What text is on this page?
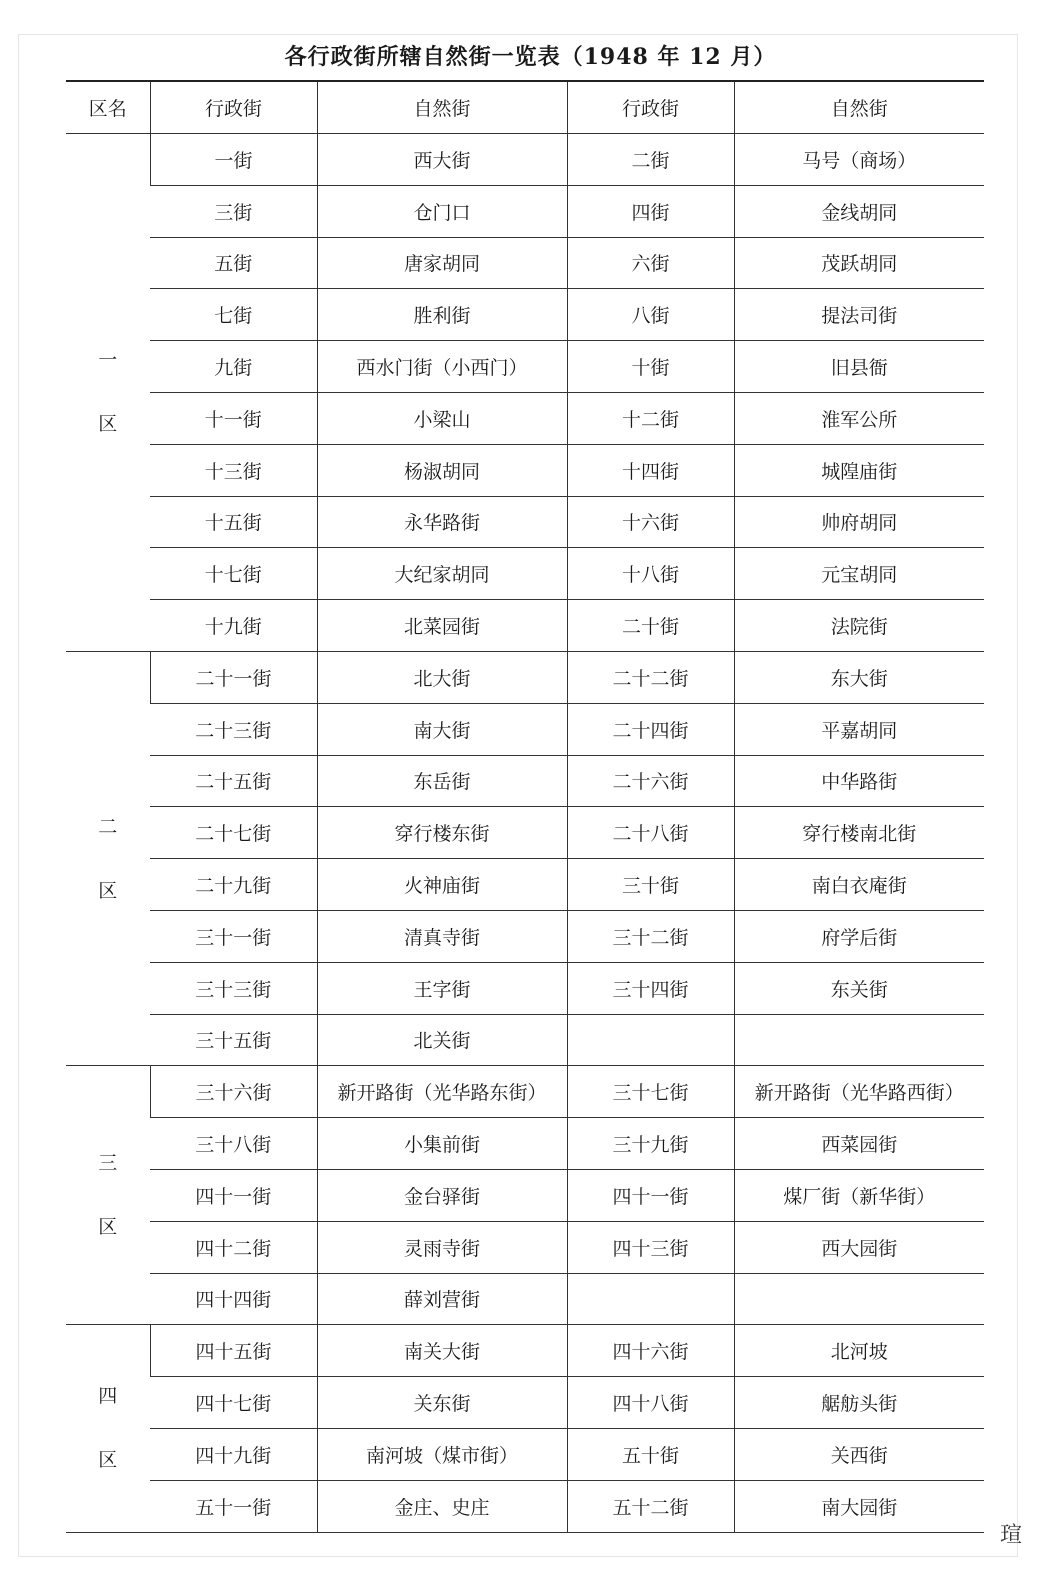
各行政街所辖自然街一览表（1948 年 12 月）
区名	行政街	自然街	行政街	自然街

一
区	一街	西大街	二街	马号（商场）
	三街	仓门口	四街	金线胡同
	五街	唐家胡同	六街	茂跃胡同
	七街	胜利街	八街	提法司街
	九街	西水门街（小西门）	十街	旧县衙
	十一街	小梁山	十二街	淮军公所
	十三街	杨淑胡同	十四街	城隍庙街
	十五街	永华路街	十六街	帅府胡同
	十七街	大纪家胡同	十八街	元宝胡同
	十九街	北菜园街	二十街	法院街

二
区	二十一街	北大街	二十二街	东大街
	二十三街	南大街	二十四街	平嘉胡同
	二十五街	东岳街	二十六街	中华路街
	二十七街	穿行楼东街	二十八街	穿行楼南北街
	二十九街	火神庙街	三十街	南白衣庵街
	三十一街	清真寺街	三十二街	府学后街
	三十三街	王字街	三十四街	东关街
	三十五街	北关街		

三
区	三十六街	新开路街（光华路东街）	三十七街	新开路街（光华路西街）
	三十八街	小集前街	三十九街	西菜园街
	四十一街	金台驿街	四十一街	煤厂街（新华街）
	四十二街	灵雨寺街	四十三街	西大园街
	四十四街	薛刘营街		

四
区	四十五街	南关大街	四十六街	北河坡
	四十七街	关东街	四十八街	艍舫头街
	四十九街	南河坡（煤市街）	五十街	关西街
	五十一街	金庄、史庄	五十二街	南大园街
瑄
